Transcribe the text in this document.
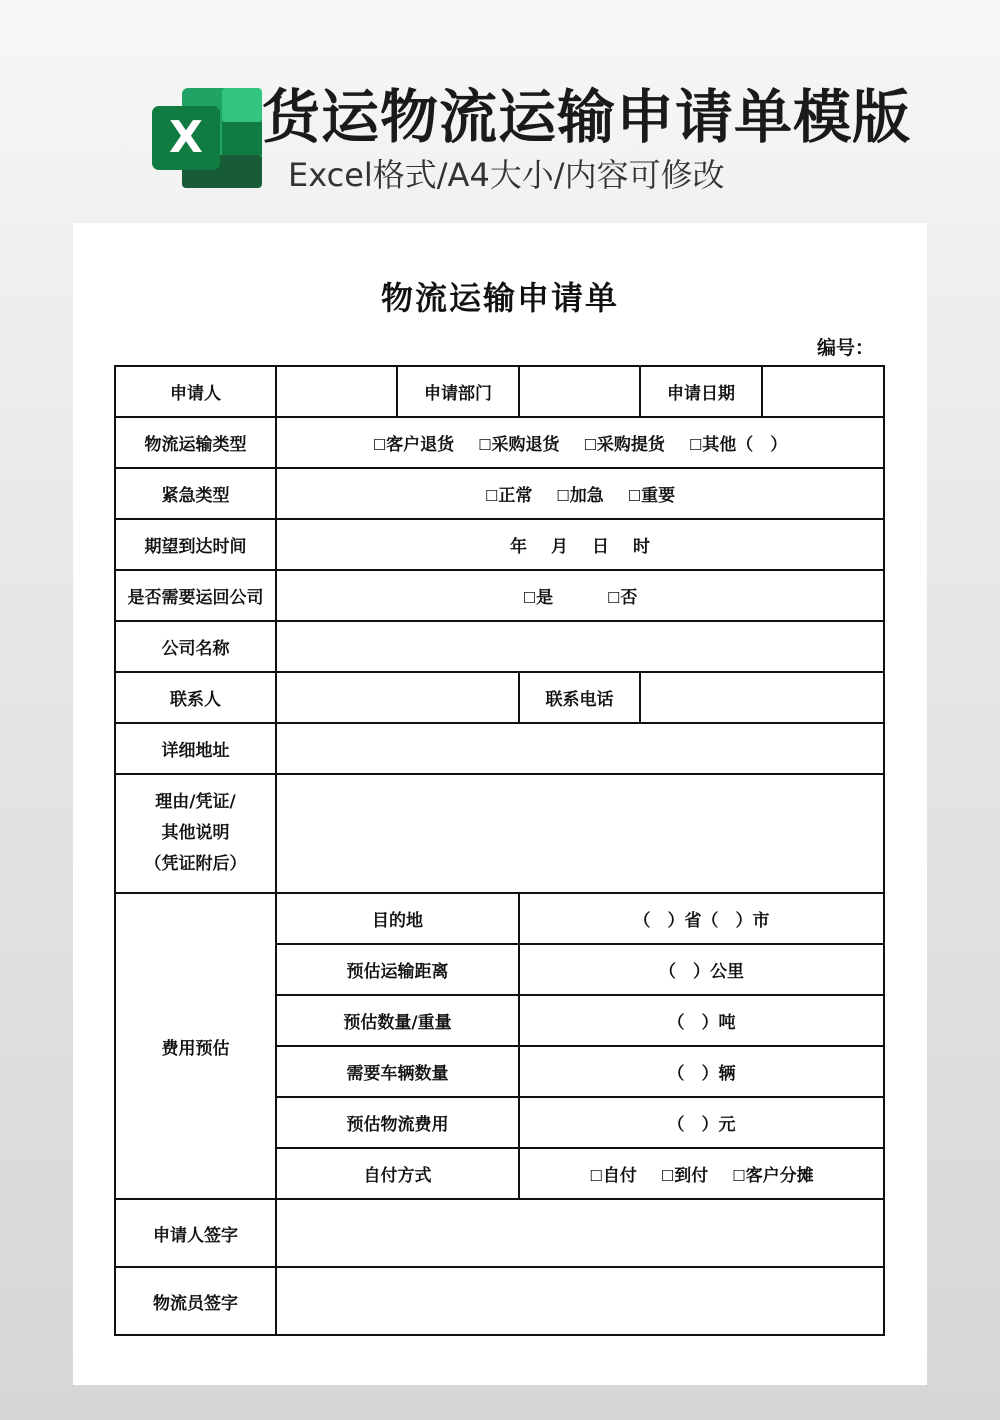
X 货运物流运输申请单模版
Excel格式/A4大小/内容可修改
物流运输申请单
编号：
申请人		申请部门		申请日期	
物流运输类型	☐客户退货 ☐采购退货 ☐采购提货 ☐其他（　）				
紧急类型	☐正常 ☐加急 ☐重要				
期望到达时间	年 月 日 时				
是否需要运回公司	☐是 ☐否				
公司名称					
联系人			联系电话		
详细地址					

理由/凭证/
其他说明
（凭证附后）					

费用预估	目的地		（　）省（　）市		
	预估运输距离		（　）公里		
	预估数量/重量		（　）吨		
	需要车辆数量		（　）辆		
	预估物流费用		（　）元		
	自付方式		☐自付 ☐到付 ☐客户分摊		
申请人签字					
物流员签字					
